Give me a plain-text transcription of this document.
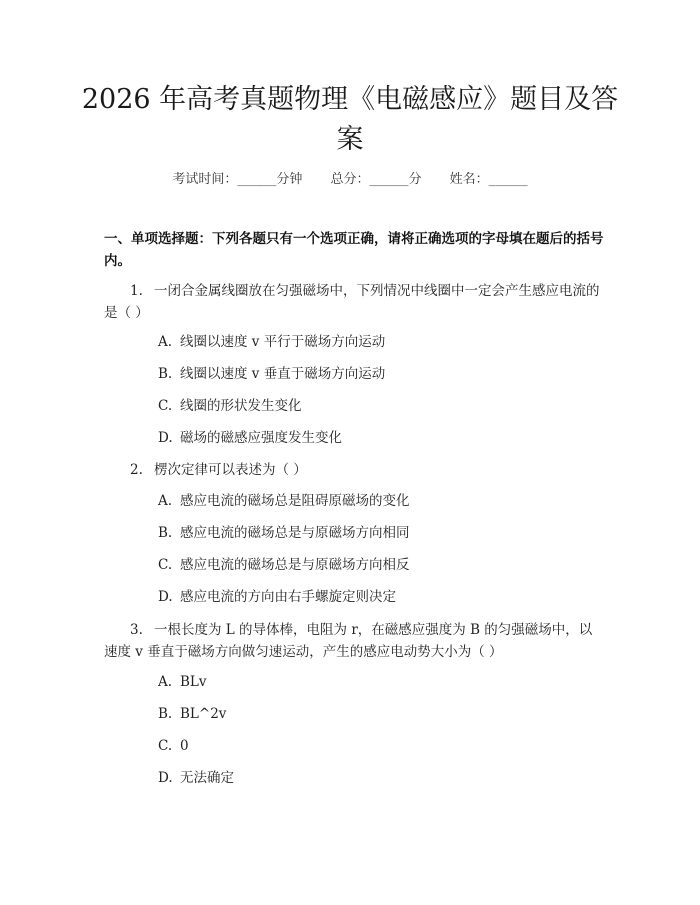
2026 年高考真题物理《电磁感应》题目及答
案
考试时间：______分钟 总分：______分 姓名：______

一、单项选择题：下列各题只有一个选项正确，请将正确选项的字母填在题后的括号内。

1. 一闭合金属线圈放在匀强磁场中，下列情况中线圈中一定会产生感应电流的是（ ）

A. 线圈以速度 v 平行于磁场方向运动

B. 线圈以速度 v 垂直于磁场方向运动

C. 线圈的形状发生变化

D. 磁场的磁感应强度发生变化

2. 楞次定律可以表述为（ ）

A. 感应电流的磁场总是阻碍原磁场的变化

B. 感应电流的磁场总是与原磁场方向相同

C. 感应电流的磁场总是与原磁场方向相反

D. 感应电流的方向由右手螺旋定则决定

3. 一根长度为 L 的导体棒，电阻为 r，在磁感应强度为 B 的匀强磁场中，以速度 v 垂直于磁场方向做匀速运动，产生的感应电动势大小为（ ）

A. BLv

B. BL^2v

C. 0

D. 无法确定
